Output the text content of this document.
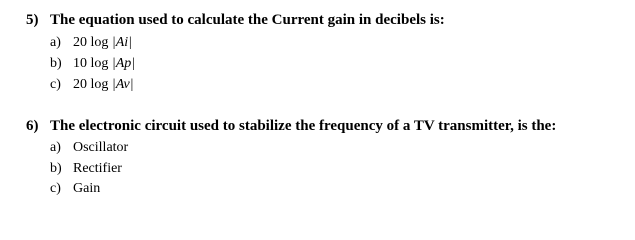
5) The equation used to calculate the Current gain in decibels is:
a) 20 log |Ai|
b) 10 log |Ap|
c) 20 log |Av|
6) The electronic circuit used to stabilize the frequency of a TV transmitter, is the:
a) Oscillator
b) Rectifier
c) Gain
